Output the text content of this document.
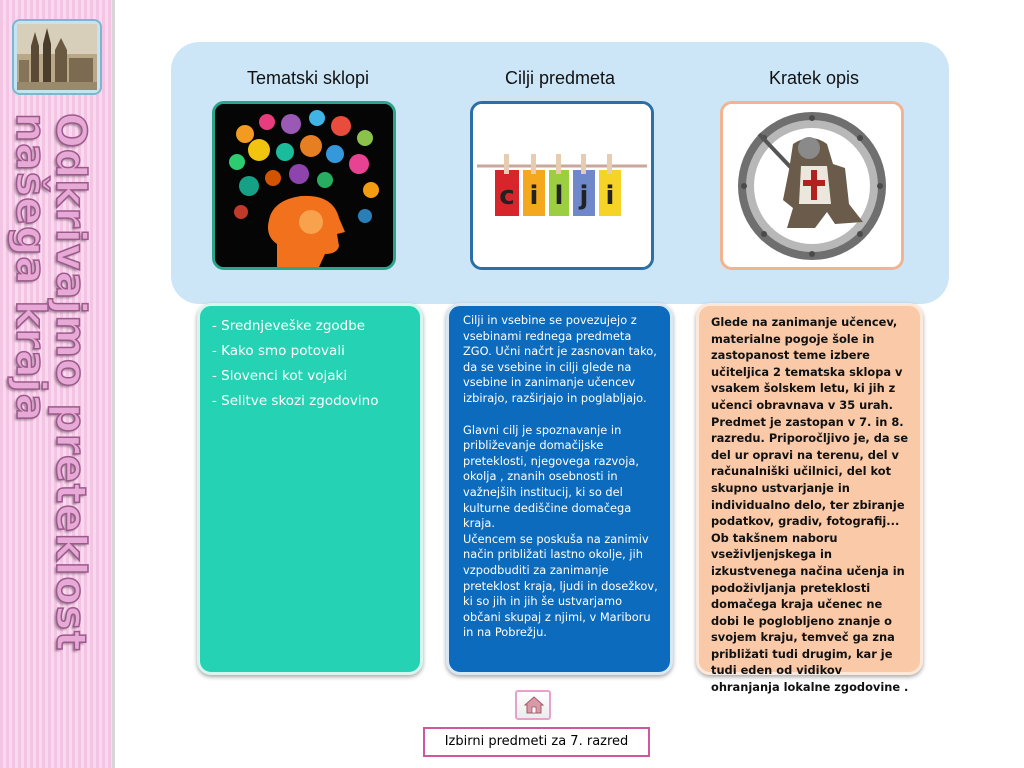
Odkrivajmo preteklost
našega kraja
Tematski sklopi	Cilji predmeta	Kratek opis
c i l j i
- Srednjeveške zgodbe
- Kako smo potovali
- Slovenci kot vojaki
- Selitve skozi zgodovino

Cilji in vsebine se povezujejo z vsebinami rednega predmeta ZGO. Učni načrt je zasnovan tako, da se vsebine in cilji glede na vsebine in zanimanje učencev izbirajo, razširjajo in poglabljajo.

Glavni cilj je spoznavanje in približevanje domačijske preteklosti, njegovega razvoja, okolja , znanih osebnosti in važnejših institucij, ki so del kulturne dediščine domačega kraja.

Učencem se poskuša na zanimiv način približati lastno okolje, jih vzpodbuditi za zanimanje preteklost kraja, ljudi in dosežkov, ki so jih in jih še ustvarjamo občani skupaj z njimi, v Mariboru in na Pobrežju.

Glede na zanimanje učencev, materialne pogoje šole in zastopanost teme izbere učiteljica 2 tematska sklopa v vsakem šolskem letu, ki jih z učenci obravnava v 35 urah. Predmet je zastopan v 7. in 8. razredu. Priporočljivo je, da se del ur opravi na terenu, del v računalniški učilnici, del kot skupno ustvarjanje in individualno delo, ter zbiranje podatkov, gradiv, fotografij... Ob takšnem naboru vseživljenjskega in izkustvenega načina učenja in podoživljanja preteklosti domačega kraja učenec ne dobi le poglobljeno znanje o svojem kraju, temveč ga zna približati tudi drugim, kar je tudi eden od vidikov ohranjanja lokalne zgodovine .

Izbirni predmeti za 7. razred
